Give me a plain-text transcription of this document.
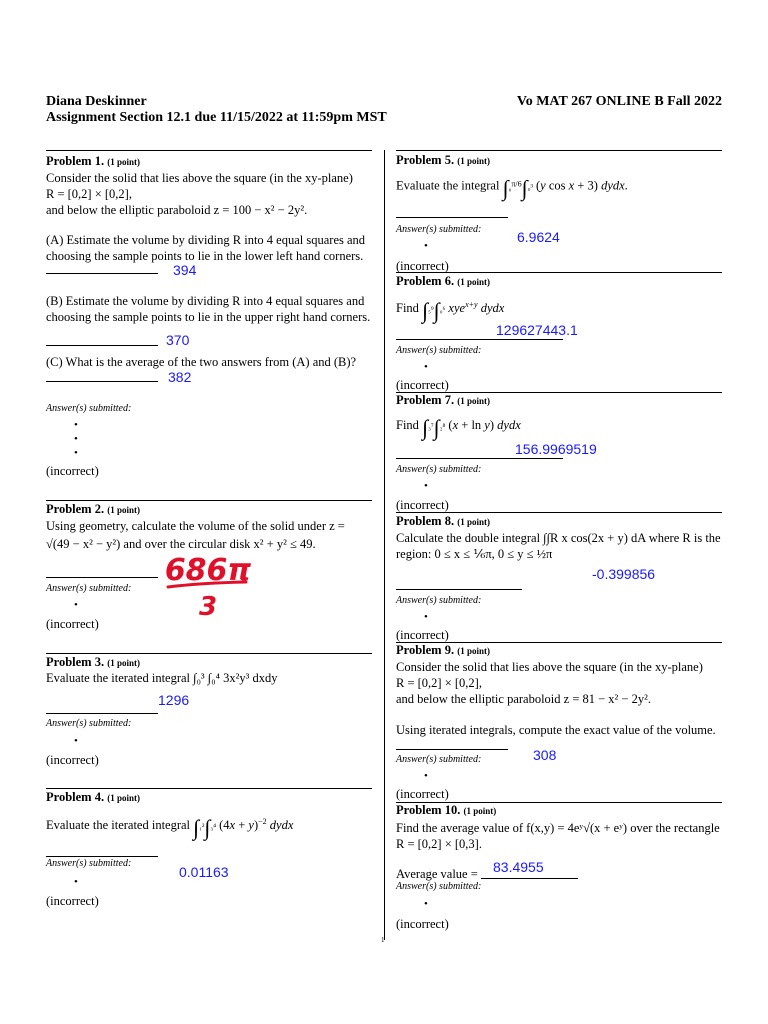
Diana Deskinner
Assignment Section 12.1 due 11/15/2022 at 11:59pm MST
Vo MAT 267 ONLINE B Fall 2022
Problem 1. (1 point)
Consider the solid that lies above the square (in the xy-plane)
R = [0,2] × [0,2],
and below the elliptic paraboloid z = 100 − x² − 2y².
(A) Estimate the volume by dividing R into 4 equal squares and
choosing the sample points to lie in the lower left hand corners.
394
(B) Estimate the volume by dividing R into 4 equal squares and
choosing the sample points to lie in the upper right hand corners.
370
(C) What is the average of the two answers from (A) and (B)?
382
Answer(s) submitted:
•
•
•
(incorrect)
Problem 2. (1 point)
Using geometry, calculate the volume of the solid under z =
√(49 − x² − y²) and over the circular disk x² + y² ≤ 49.
686π
3
Answer(s) submitted:
•
(incorrect)
Problem 3. (1 point)
Evaluate the iterated integral ∫₀³ ∫₀⁴ 3x²y³ dxdy
1296
Answer(s) submitted:
•
(incorrect)
Problem 4. (1 point)
Evaluate the iterated integral ∫₁²∫₃⁴ $(4x + y)^{-2}$ dydx
Answer(s) submitted:
0.01163
•
(incorrect)
Problem 5. (1 point)
Evaluate the integral ∫₀$^{\pi/6}$∫₀³ (y cos x + 3) dydx.
Answer(s) submitted:	6.9624
•
(incorrect)
Problem 6. (1 point)
Find ∫₅⁹∫₀⁶ xye$^{x+y}$ dydx
129627443.1
Answer(s) submitted:
•
(incorrect)
Problem 7. (1 point)
Find ∫₃⁷∫₂⁸ (x + ln y) dydx
156.9969519
Answer(s) submitted:
•
(incorrect)
Problem 8. (1 point)
Calculate the double integral ∫∫R x cos(2x + y) dA where R is the
region: 0 ≤ x ≤ ⅙π, 0 ≤ y ≤ ½π
-0.399856
Answer(s) submitted:
•
(incorrect)
Problem 9. (1 point)
Consider the solid that lies above the square (in the xy-plane)
R = [0,2] × [0,2],
and below the elliptic paraboloid z = 81 − x² − 2y².
Using iterated integrals, compute the exact value of the volume.
308
Answer(s) submitted:
•
(incorrect)
Problem 10. (1 point)
Find the average value of f(x,y) = 4eʸ√(x + eʸ) over the rectangle
R = [0,2] × [0,3].
Average value = 83.4955
Answer(s) submitted:
•
(incorrect)
1
